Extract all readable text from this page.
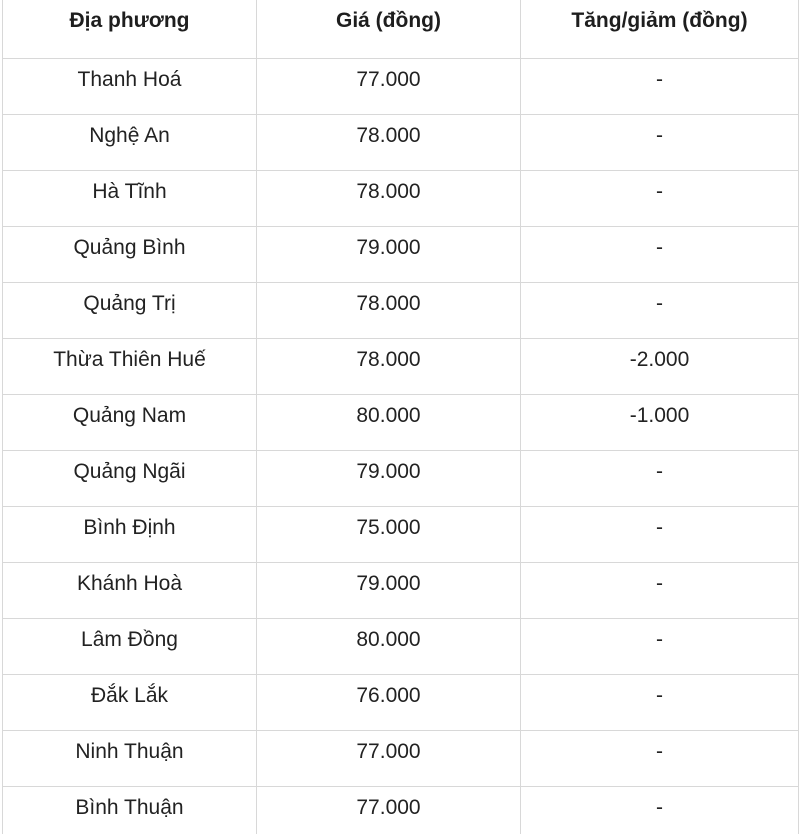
Địa phương	Giá (đồng)	Tăng/giảm (đồng)
Thanh Hoá	77.000	-
Nghệ An	78.000	-
Hà Tĩnh	78.000	-
Quảng Bình	79.000	-
Quảng Trị	78.000	-
Thừa Thiên Huế	78.000	-2.000
Quảng Nam	80.000	-1.000
Quảng Ngãi	79.000	-
Bình Định	75.000	-
Khánh Hoà	79.000	-
Lâm Đồng	80.000	-
Đắk Lắk	76.000	-
Ninh Thuận	77.000	-
Bình Thuận	77.000	-
